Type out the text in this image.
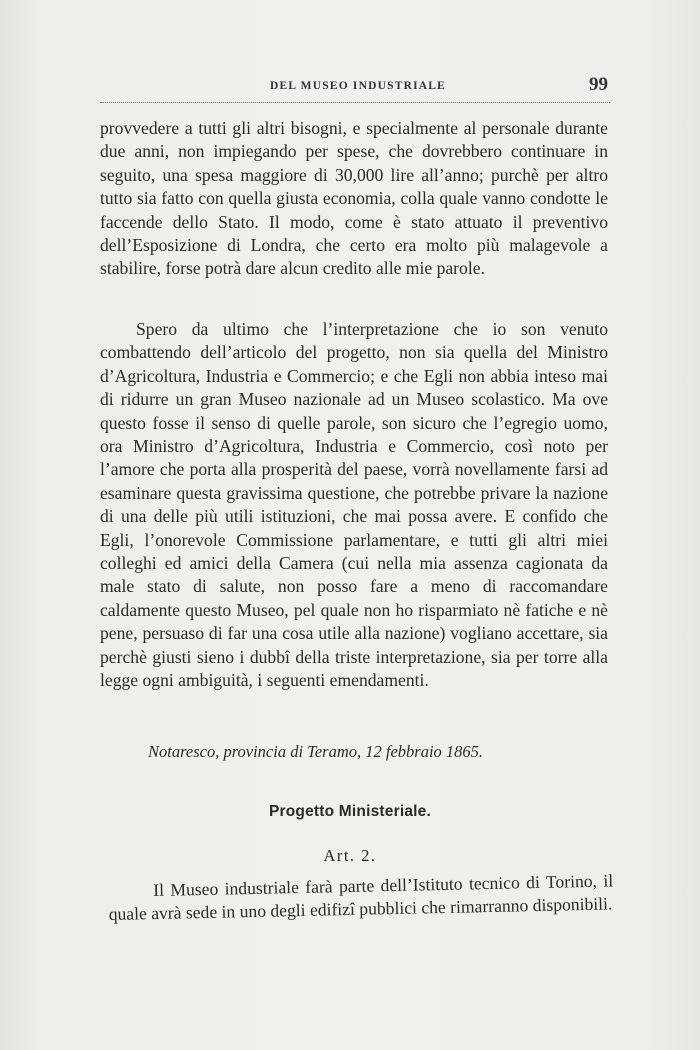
DEL MUSEO INDUSTRIALE	99

provvedere a tutti gli altri bisogni, e specialmente al personale durante due anni, non impiegando per spese, che dovrebbero continuare in seguito, una spesa maggiore di 30,000 lire all’anno; purchè per altro tutto sia fatto con quella giusta economia, colla quale vanno condotte le faccende dello Stato. Il modo, come è stato attuato il preventivo dell’Esposizione di Londra, che certo era molto più malagevole a stabilire, forse potrà dare alcun credito alle mie parole.

Spero da ultimo che l’interpretazione che io son venuto combattendo dell’articolo del progetto, non sia quella del Ministro d’Agricoltura, Industria e Commercio; e che Egli non abbia inteso mai di ridurre un gran Museo nazionale ad un Museo scolastico. Ma ove questo fosse il senso di quelle parole, son sicuro che l’egregio uomo, ora Ministro d’Agricoltura, Industria e Commercio, così noto per l’amore che porta alla prosperità del paese, vorrà novellamente farsi ad esaminare questa gravissima questione, che potrebbe privare la nazione di una delle più utili istituzioni, che mai possa avere. E confido che Egli, l’onorevole Commissione parlamentare, e tutti gli altri miei colleghi ed amici della Camera (cui nella mia assenza cagionata da male stato di salute, non posso fare a meno di raccomandare caldamente questo Museo, pel quale non ho risparmiato nè fatiche e nè pene, persuaso di far una cosa utile alla nazione) vogliano accettare, sia perchè giusti sieno i dubbî della triste interpretazione, sia per torre alla legge ogni ambiguità, i seguenti emendamenti.

Notaresco, provincia di Teramo, 12 febbraio 1865.
Progetto Ministeriale.
Art. 2.

Il Museo industriale farà parte dell’Istituto tecnico di Torino, il quale avrà sede in uno degli edifizî pubblici che rimarranno disponibili.
